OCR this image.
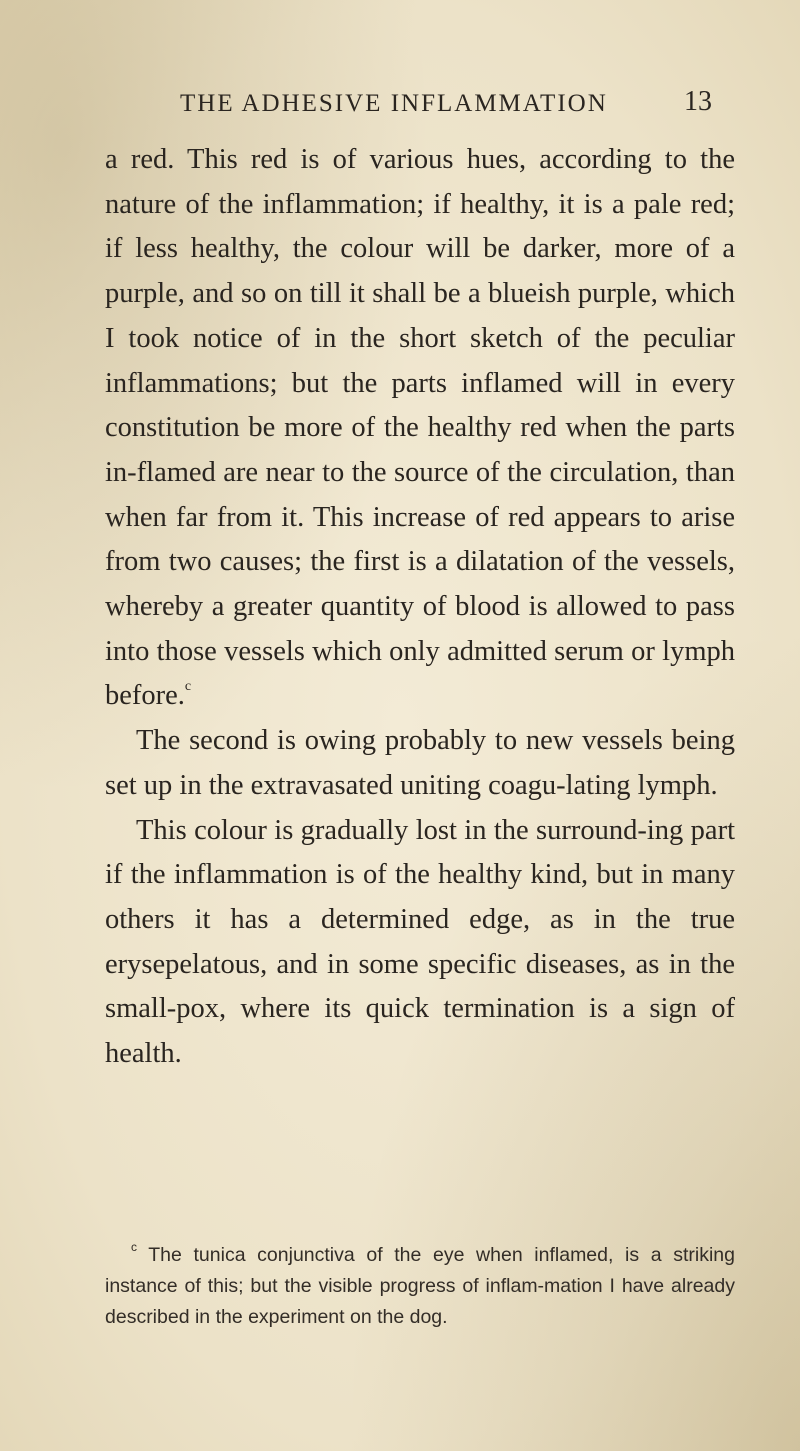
THE ADHESIVE INFLAMMATION	13

a red. This red is of various hues, according to the nature of the inflammation; if healthy, it is a pale red; if less healthy, the colour will be darker, more of a purple, and so on till it shall be a blueish purple, which I took notice of in the short sketch of the peculiar inflammations; but the parts inflamed will in every constitution be more of the healthy red when the parts in-flamed are near to the source of the circulation, than when far from it. This increase of red appears to arise from two causes; the first is a dilatation of the vessels, whereby a greater quantity of blood is allowed to pass into those vessels which only admitted serum or lymph before.$^c$

The second is owing probably to new vessels being set up in the extravasated uniting coagu-lating lymph.

This colour is gradually lost in the surround-ing part if the inflammation is of the healthy kind, but in many others it has a determined edge, as in the true erysepelatous, and in some specific diseases, as in the small-pox, where its quick termination is a sign of health.

$^c$ The tunica conjunctiva of the eye when inflamed, is a striking instance of this; but the visible progress of inflam-mation I have already described in the experiment on the dog.
